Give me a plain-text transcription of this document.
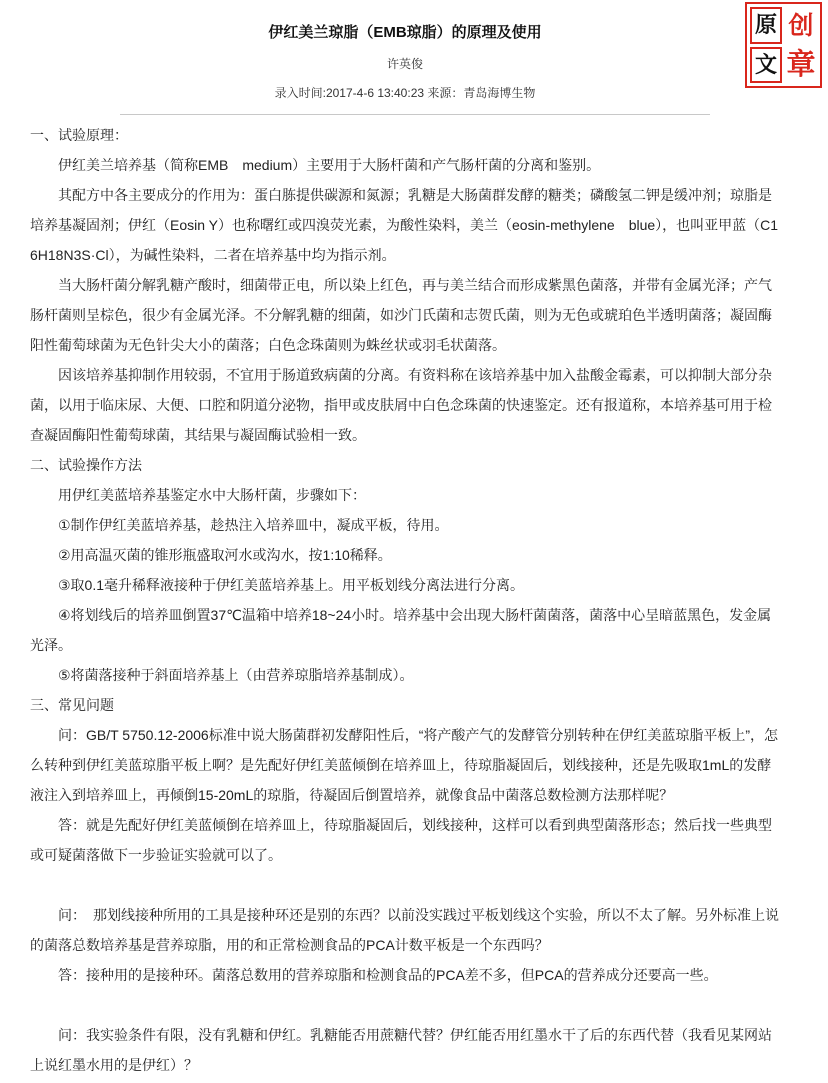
原 创
文 章
伊红美兰琼脂（EMB琼脂）的原理及使用
许英俊
录入时间:2017-4-6 13:40:23 来源：青岛海博生物
一、试验原理：

伊红美兰培养基（简称EMB　medium）主要用于大肠杆菌和产气肠杆菌的分离和鉴别。

其配方中各主要成分的作用为：蛋白胨提供碳源和氮源；乳糖是大肠菌群发酵的糖类；磷酸氢二钾是缓冲剂；琼脂是培养基凝固剂；伊红（Eosin Y）也称曙红或四溴荧光素，为酸性染料，美兰（eosin-methylene　blue），也叫亚甲蓝（C16H18N3S·Cl），为碱性染料，二者在培养基中均为指示剂。

当大肠杆菌分解乳糖产酸时，细菌带正电，所以染上红色，再与美兰结合而形成紫黑色菌落，并带有金属光泽；产气肠杆菌则呈棕色，很少有金属光泽。不分解乳糖的细菌，如沙门氏菌和志贺氏菌，则为无色或琥珀色半透明菌落；凝固酶阳性葡萄球菌为无色针尖大小的菌落；白色念珠菌则为蛛丝状或羽毛状菌落。

因该培养基抑制作用较弱，不宜用于肠道致病菌的分离。有资料称在该培养基中加入盐酸金霉素，可以抑制大部分杂菌，以用于临床尿、大便、口腔和阴道分泌物，指甲或皮肤屑中白色念珠菌的快速鉴定。还有报道称，本培养基可用于检查凝固酶阳性葡萄球菌，其结果与凝固酶试验相一致。

二、试验操作方法

用伊红美蓝培养基鉴定水中大肠杆菌，步骤如下：

①制作伊红美蓝培养基，趁热注入培养皿中，凝成平板，待用。

②用高温灭菌的锥形瓶盛取河水或沟水，按1:10稀释。

③取0.1毫升稀释液接种于伊红美蓝培养基上。用平板划线分离法进行分离。

④将划线后的培养皿倒置37℃温箱中培养18~24小时。培养基中会出现大肠杆菌菌落，菌落中心呈暗蓝黑色，发金属光泽。

⑤将菌落接种于斜面培养基上（由营养琼脂培养基制成）。

三、常见问题

问：GB/T 5750.12-2006标准中说大肠菌群初发酵阳性后，“将产酸产气的发酵管分别转种在伊红美蓝琼脂平板上”，怎么转种到伊红美蓝琼脂平板上啊？是先配好伊红美蓝倾倒在培养皿上，待琼脂凝固后，划线接种，还是先吸取1mL的发酵液注入到培养皿上，再倾倒15-20mL的琼脂，待凝固后倒置培养，就像食品中菌落总数检测方法那样呢？

答：就是先配好伊红美蓝倾倒在培养皿上，待琼脂凝固后，划线接种，这样可以看到典型菌落形态；然后找一些典型或可疑菌落做下一步验证实验就可以了。

问：　那划线接种所用的工具是接种环还是别的东西？以前没实践过平板划线这个实验，所以不太了解。另外标准上说的菌落总数培养基是营养琼脂，用的和正常检测食品的PCA计数平板是一个东西吗？

答：接种用的是接种环。菌落总数用的营养琼脂和检测食品的PCA差不多，但PCA的营养成分还要高一些。

问：我实验条件有限，没有乳糖和伊红。乳糖能否用蔗糖代替？伊红能否用红墨水干了后的东西代替（我看见某网站上说红墨水用的是伊红）？
